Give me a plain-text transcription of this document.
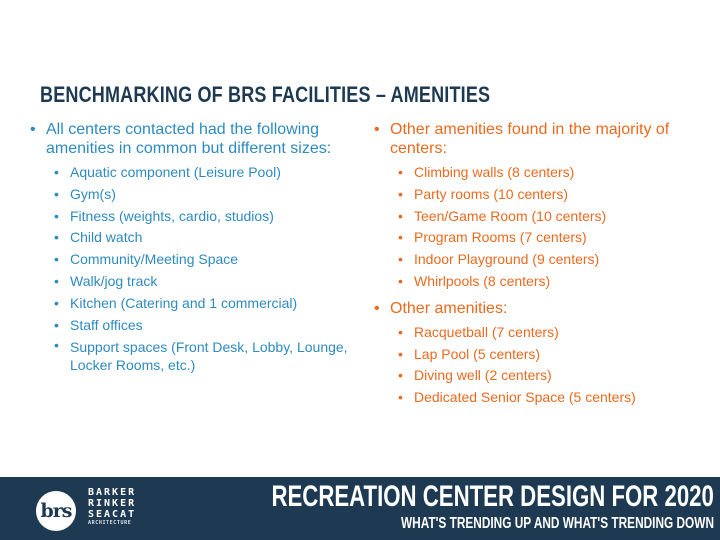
BENCHMARKING OF BRS FACILITIES – AMENITIES
• All centers contacted had the following amenities in common but different sizes:
• Aquatic component (Leisure Pool)
• Gym(s)
• Fitness (weights, cardio, studios)
• Child watch
• Community/Meeting Space
• Walk/jog track
• Kitchen (Catering and 1 commercial)
• Staff offices
• Support spaces (Front Desk, Lobby, Lounge, Locker Rooms, etc.)
• Other amenities found in the majority of centers:
• Climbing walls (8 centers)
• Party rooms (10 centers)
• Teen/Game Room (10 centers)
• Program Rooms (7 centers)
• Indoor Playground (9 centers)
• Whirlpools (8 centers)
• Other amenities:
• Racquetball (7 centers)
• Lap Pool (5 centers)
• Diving well (2 centers)
• Dedicated Senior Space (5 centers)
brs
BARKER
RINKER
SEACAT
ARCHITECTURE
RECREATION CENTER DESIGN FOR 2020
WHAT'S TRENDING UP AND WHAT'S TRENDING DOWN
